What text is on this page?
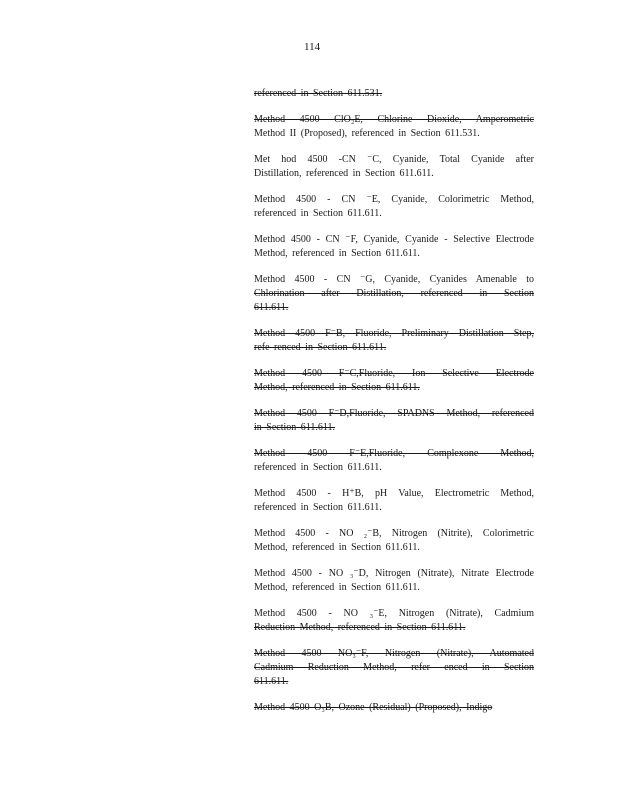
114
referenced in Section 611.531.
Method 4500 ClO₂E, Chlorine Dioxide, Amperometric
Method II (Proposed), referenced in Section 611.531.
Met hod 4500 -CN ⁻C, Cyanide, Total Cyanide after
Distillation, referenced in Section 611.611.
Method 4500 - CN ⁻E, Cyanide, Colorimetric Method,
referenced in Section 611.611.
Method 4500 - CN ⁻F, Cyanide, Cyanide - Selective Electrode
Method, referenced in Section 611.611.
Method 4500 - CN ⁻G, Cyanide, Cyanides Amenable to
Chlorination after Distillation, referenced in Section
611.611.
Method 4500 F⁻B, Fluoride, Preliminary Distillation Step,
refe renced in Section 611.611.
Method 4500 F⁻C,Fluoride, Ion Selective Electrode
Method, referenced in Section 611.611.
Method 4500 F⁻D,Fluoride, SPADNS Method, referenced
in Section 611.611.
Method 4500 F⁻E,Fluoride, Complexone Method,
referenced in Section 611.611.
Method 4500 - H⁺B, pH Value, Electrometric Method,
referenced in Section 611.611.
Method 4500 - NO ₂⁻B, Nitrogen (Nitrite), Colorimetric
Method, referenced in Section 611.611.
Method 4500 - NO ₃⁻D, Nitrogen (Nitrate), Nitrate Electrode
Method, referenced in Section 611.611.
Method 4500 - NO ₃⁻E, Nitrogen (Nitrate), Cadmium
Reduction Method, referenced in Section 611.611.
Method 4500 NO₃⁻F, Nitrogen (Nitrate), Automated
Cadmium Reduction Method, refer enced in Section
611.611.
Method 4500 O₃B, Ozone (Residual) (Proposed), Indigo
